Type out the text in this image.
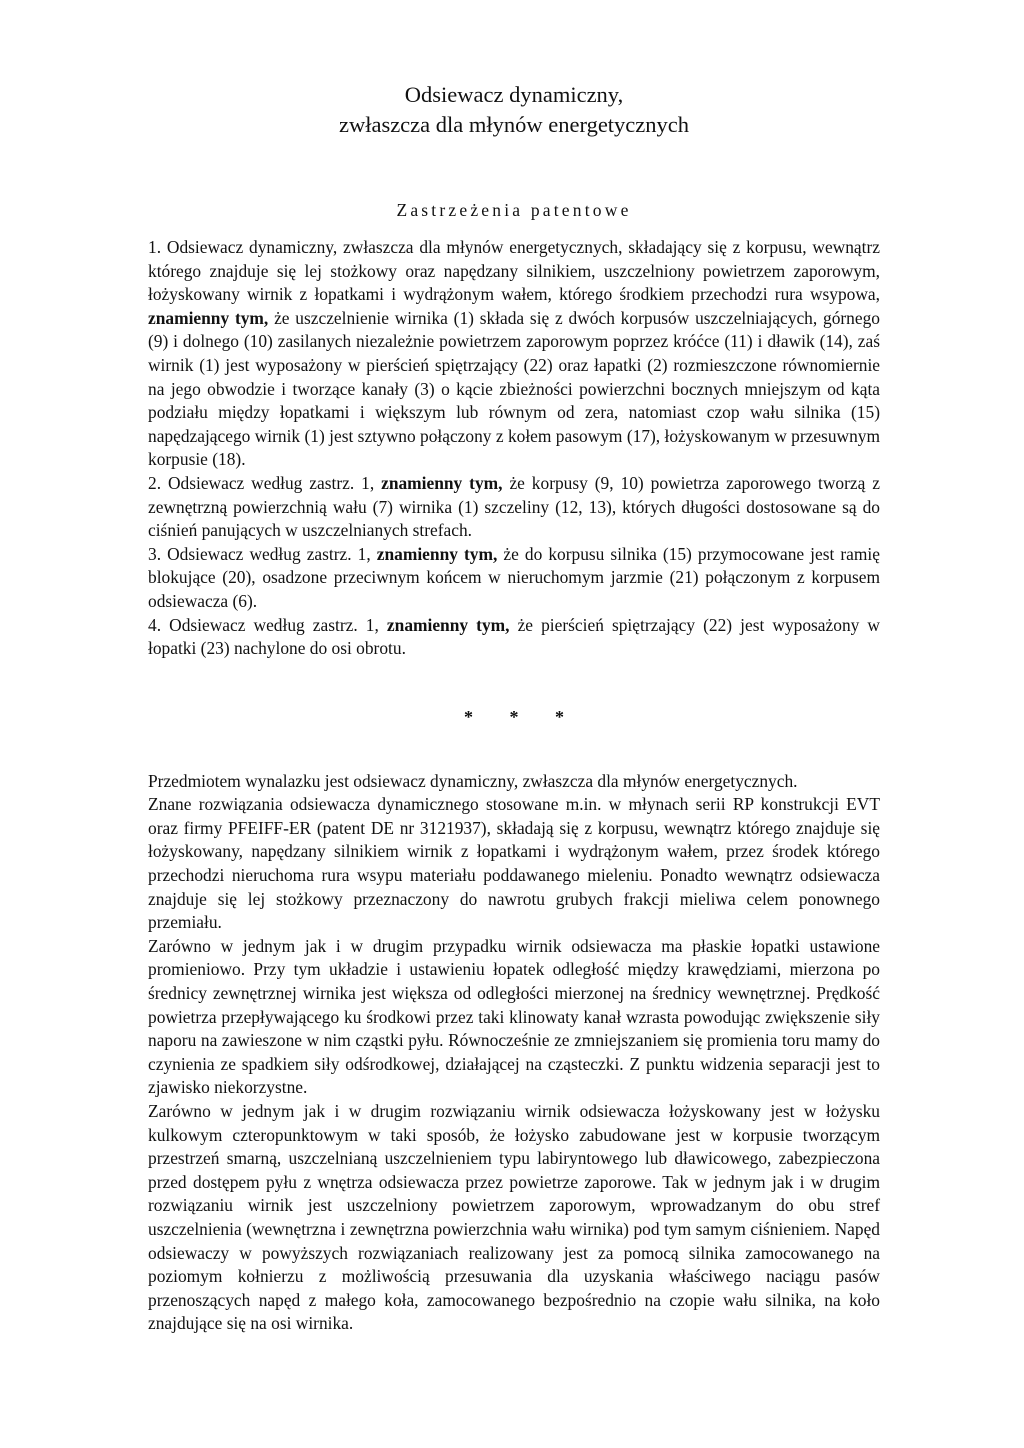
Odsiewacz dynamiczny,
zwłaszcza dla młynów energetycznych
Zastrzeżenia patentowe

1. Odsiewacz dynamiczny, zwłaszcza dla młynów energetycznych, składający się z korpusu, wewnątrz którego znajduje się lej stożkowy oraz napędzany silnikiem, uszczelniony powietrzem zaporowym, łożyskowany wirnik z łopatkami i wydrążonym wałem, którego środkiem przechodzi rura wsypowa, znamienny tym, że uszczelnienie wirnika (1) składa się z dwóch korpusów uszczelniających, górnego (9) i dolnego (10) zasilanych niezależnie powietrzem zaporowym poprzez króćce (11) i dławik (14), zaś wirnik (1) jest wyposażony w pierścień spiętrzający (22) oraz łapatki (2) rozmieszczone równomiernie na jego obwodzie i tworzące kanały (3) o kącie zbieżności powierzchni bocznych mniejszym od kąta podziału między łopatkami i większym lub równym od zera, natomiast czop wału silnika (15) napędzającego wirnik (1) jest sztywno połączony z kołem pasowym (17), łożyskowanym w przesuwnym korpusie (18).

2. Odsiewacz według zastrz. 1, znamienny tym, że korpusy (9, 10) powietrza zaporowego tworzą z zewnętrzną powierzchnią wału (7) wirnika (1) szczeliny (12, 13), których długości dostosowane są do ciśnień panujących w uszczelnianych strefach.

3. Odsiewacz według zastrz. 1, znamienny tym, że do korpusu silnika (15) przymocowane jest ramię blokujące (20), osadzone przeciwnym końcem w nieruchomym jarzmie (21) połączonym z korpusem odsiewacza (6).

4. Odsiewacz według zastrz. 1, znamienny tym, że pierścień spiętrzający (22) jest wyposażony w łopatki (23) nachylone do osi obrotu.

* * *

Przedmiotem wynalazku jest odsiewacz dynamiczny, zwłaszcza dla młynów energetycznych.

Znane rozwiązania odsiewacza dynamicznego stosowane m.in. w młynach serii RP konstrukcji EVT oraz firmy PFEIFF-ER (patent DE nr 3121937), składają się z korpusu, wewnątrz którego znajduje się łożyskowany, napędzany silnikiem wirnik z łopatkami i wydrążonym wałem, przez środek którego przechodzi nieruchoma rura wsypu materiału poddawanego mieleniu. Ponadto wewnątrz odsiewacza znajduje się lej stożkowy przeznaczony do nawrotu grubych frakcji mieliwa celem ponownego przemiału.

Zarówno w jednym jak i w drugim przypadku wirnik odsiewacza ma płaskie łopatki ustawione promieniowo. Przy tym układzie i ustawieniu łopatek odległość między krawędziami, mierzona po średnicy zewnętrznej wirnika jest większa od odległości mierzonej na średnicy wewnętrznej. Prędkość powietrza przepływającego ku środkowi przez taki klinowaty kanał wzrasta powodując zwiększenie siły naporu na zawieszone w nim cząstki pyłu. Równocześnie ze zmniejszaniem się promienia toru mamy do czynienia ze spadkiem siły odśrodkowej, działającej na cząsteczki. Z punktu widzenia separacji jest to zjawisko niekorzystne.

Zarówno w jednym jak i w drugim rozwiązaniu wirnik odsiewacza łożyskowany jest w łożysku kulkowym czteropunktowym w taki sposób, że łożysko zabudowane jest w korpusie tworzącym przestrzeń smarną, uszczelnianą uszczelnieniem typu labiryntowego lub dławicowego, zabezpieczona przed dostępem pyłu z wnętrza odsiewacza przez powietrze zaporowe. Tak w jednym jak i w drugim rozwiązaniu wirnik jest uszczelniony powietrzem zaporowym, wprowadzanym do obu stref uszczelnienia (wewnętrzna i zewnętrzna powierzchnia wału wirnika) pod tym samym ciśnieniem. Napęd odsiewaczy w powyższych rozwiązaniach realizowany jest za pomocą silnika zamocowanego na poziomym kołnierzu z możliwością przesuwania dla uzyskania właściwego naciągu pasów przenoszących napęd z małego koła, zamocowanego bezpośrednio na czopie wału silnika, na koło znajdujące się na osi wirnika.
